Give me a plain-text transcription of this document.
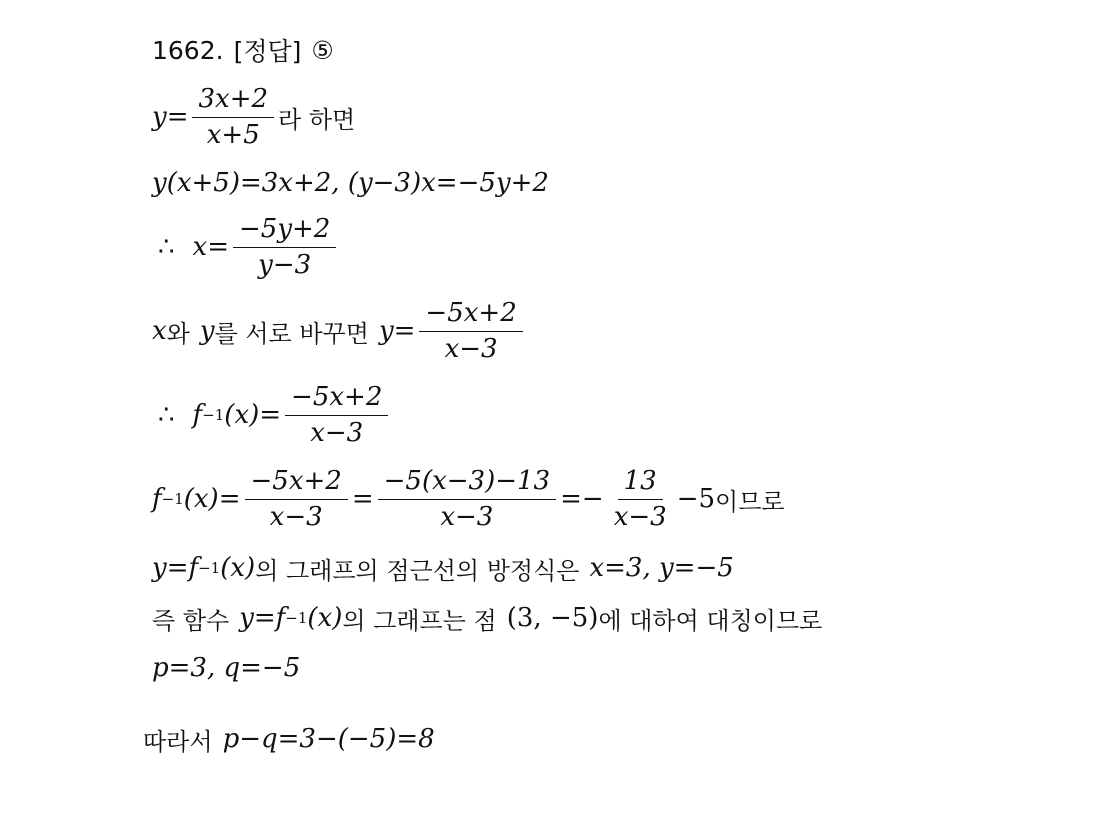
1662. [정답] ⑤
$y= \frac{3x+2}{x+5}$ 라 하면
y(x+5)=3x+2, (y−3)x=−5y+2
∴ $x= \frac{-5y+2}{y-3}$
x 와 y 를 서로 바꾸면 $y= \frac{-5x+2}{x-3}$
∴ f −1 $(x)= \frac{-5x+2}{x-3}$
f −1 $(x)= \frac{-5x+2}{x-3} = \frac{-5(x-3)-13}{x-3} =- \frac{13}{x-3} -5$ 이므로
y=f −1 (x) 의 그래프의 점근선의 방정식은 x=3, y=−5
즉 함수 y=f −1 (x) 의 그래프는 점 (3, −5) 에 대하여 대칭이므로
p=3, q=−5
따라서 p−q=3−(−5)=8
